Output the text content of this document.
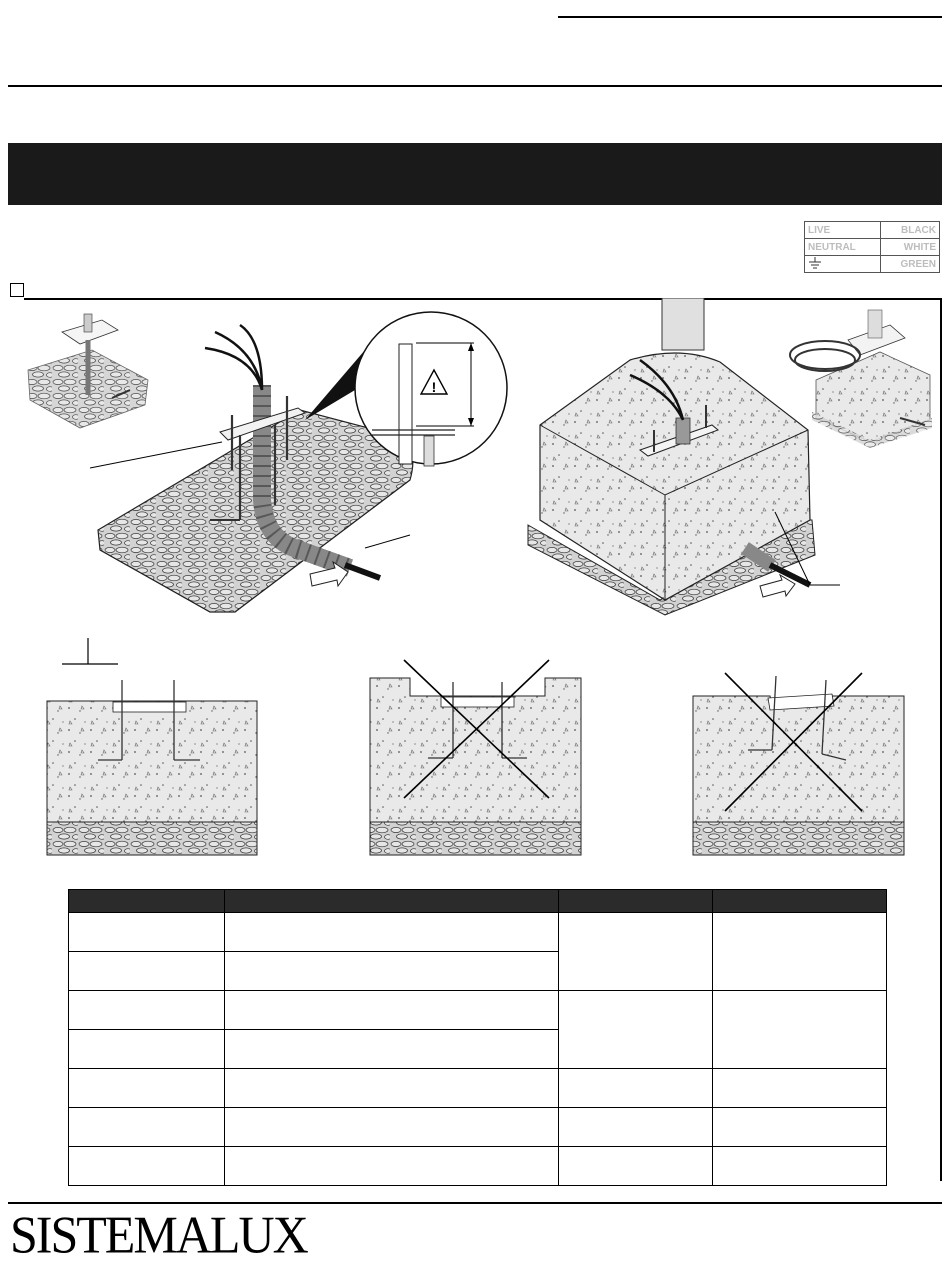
LIVE	BLACK
NEUTRAL	WHITE
	GREEN
!

SISTEMALUX
